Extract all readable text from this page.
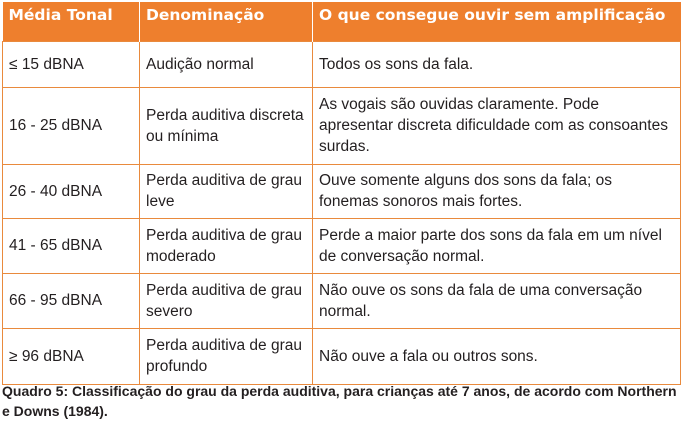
Média Tonal	Denominação	O que consegue ouvir sem amplificação
≤ 15 dBNA	Audição normal	Todos os sons da fala.
16 - 25 dBNA	Perda auditiva discreta ou mínima	As vogais são ouvidas claramente. Pode apresentar discreta dificuldade com as consoantes surdas.
26 - 40 dBNA	Perda auditiva de grau leve	Ouve somente alguns dos sons da fala; os fonemas sonoros mais fortes.
41 - 65 dBNA	Perda auditiva de grau moderado	Perde a maior parte dos sons da fala em um nível de conversação normal.
66 - 95 dBNA	Perda auditiva de grau severo	Não ouve os sons da fala de uma conversação normal.
≥ 96 dBNA	Perda auditiva de grau profundo	Não ouve a fala ou outros sons.
Quadro 5: Classificação do grau da perda auditiva, para crianças até 7 anos, de acordo com Northern e Downs (1984).
